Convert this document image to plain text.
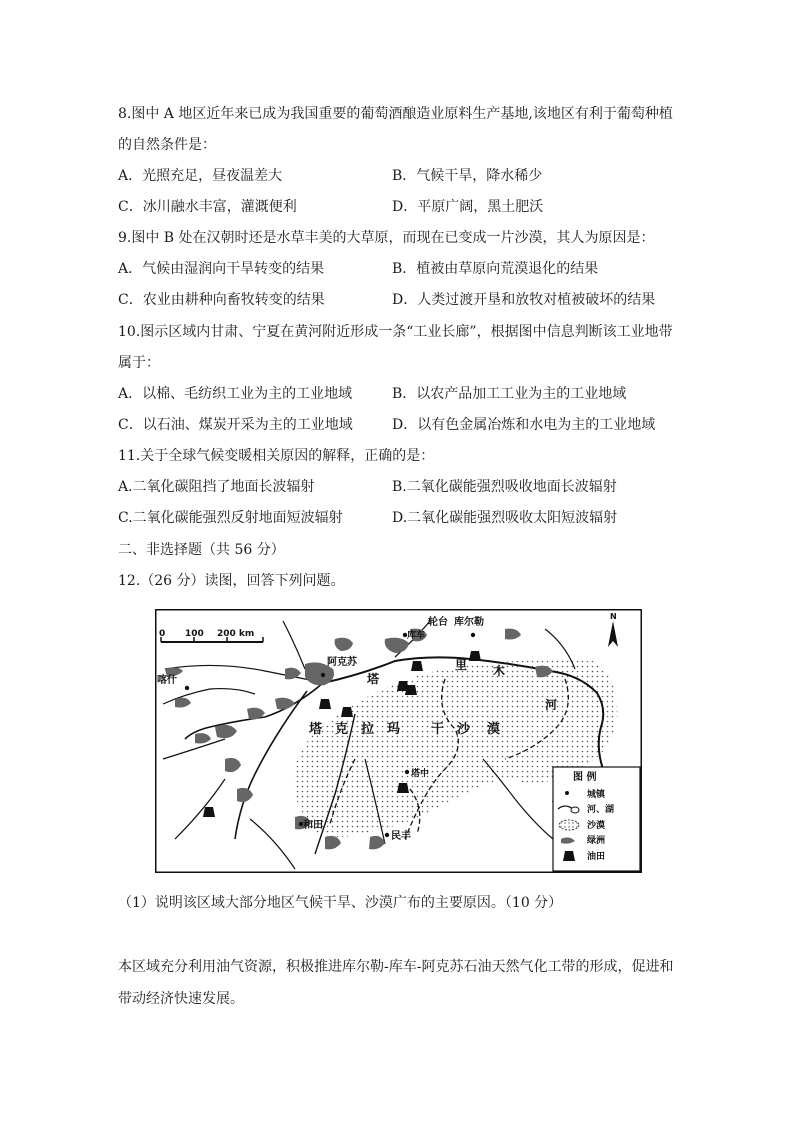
8.图中 A 地区近年来已成为我国重要的葡萄酒酿造业原料生产基地,该地区有利于葡萄种植
的自然条件是：
A．光照充足，昼夜温差大	B．气候干旱，降水稀少
C．冰川融水丰富，灌溉便利	D．平原广阔，黑土肥沃
9.图中 B 处在汉朝时还是水草丰美的大草原，而现在已变成一片沙漠，其人为原因是：
A．气候由湿润向干旱转变的结果	B．植被由草原向荒漠退化的结果
C．农业由耕种向畜牧转变的结果	D．人类过渡开垦和放牧对植被破坏的结果
10.图示区域内甘肃、宁夏在黄河附近形成一条“工业长廊”，根据图中信息判断该工业地带
属于：
A．以棉、毛纺织工业为主的工业地域	B．以农产品加工工业为主的工业地域
C．以石油、煤炭开采为主的工业地域	D．以有色金属冶炼和水电为主的工业地域
11.关于全球气候变暖相关原因的解释，正确的是：
A.二氧化碳阻挡了地面长波辐射	B.二氧化碳能强烈吸收地面长波辐射
C.二氧化碳能强烈反射地面短波辐射	D.二氧化碳能强烈吸收太阳短波辐射
二、非选择题（共 56 分）
12.（26 分）读图，回答下列问题。
0 100 200 km
N
轮台 库尔勒
库车
阿克苏
喀什
和田
塔中
民丰
塔
里 木
河
塔 克 拉 玛 干 沙 漠
图 例
城镇
河、湖
沙漠
绿洲
油田
（1）说明该区域大部分地区气候干旱、沙漠广布的主要原因。（10 分）
本区域充分利用油气资源，积极推进库尔勒-库车-阿克苏石油天然气化工带的形成，促进和
带动经济快速发展。
